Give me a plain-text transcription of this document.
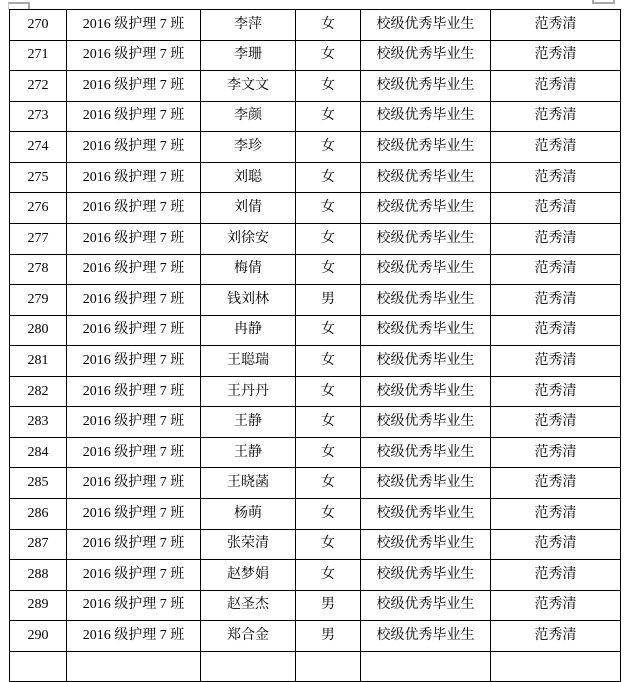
270	2016 级护理 7 班	李萍	女	校级优秀毕业生	范秀清
271	2016 级护理 7 班	李珊	女	校级优秀毕业生	范秀清
272	2016 级护理 7 班	李文文	女	校级优秀毕业生	范秀清
273	2016 级护理 7 班	李颜	女	校级优秀毕业生	范秀清
274	2016 级护理 7 班	李珍	女	校级优秀毕业生	范秀清
275	2016 级护理 7 班	刘聪	女	校级优秀毕业生	范秀清
276	2016 级护理 7 班	刘倩	女	校级优秀毕业生	范秀清
277	2016 级护理 7 班	刘徐安	女	校级优秀毕业生	范秀清
278	2016 级护理 7 班	梅倩	女	校级优秀毕业生	范秀清
279	2016 级护理 7 班	钱刘林	男	校级优秀毕业生	范秀清
280	2016 级护理 7 班	冉静	女	校级优秀毕业生	范秀清
281	2016 级护理 7 班	王聪瑞	女	校级优秀毕业生	范秀清
282	2016 级护理 7 班	王丹丹	女	校级优秀毕业生	范秀清
283	2016 级护理 7 班	王静	女	校级优秀毕业生	范秀清
284	2016 级护理 7 班	王静	女	校级优秀毕业生	范秀清
285	2016 级护理 7 班	王晓菡	女	校级优秀毕业生	范秀清
286	2016 级护理 7 班	杨萌	女	校级优秀毕业生	范秀清
287	2016 级护理 7 班	张荣清	女	校级优秀毕业生	范秀清
288	2016 级护理 7 班	赵梦娟	女	校级优秀毕业生	范秀清
289	2016 级护理 7 班	赵圣杰	男	校级优秀毕业生	范秀清
290	2016 级护理 7 班	郑合金	男	校级优秀毕业生	范秀清
